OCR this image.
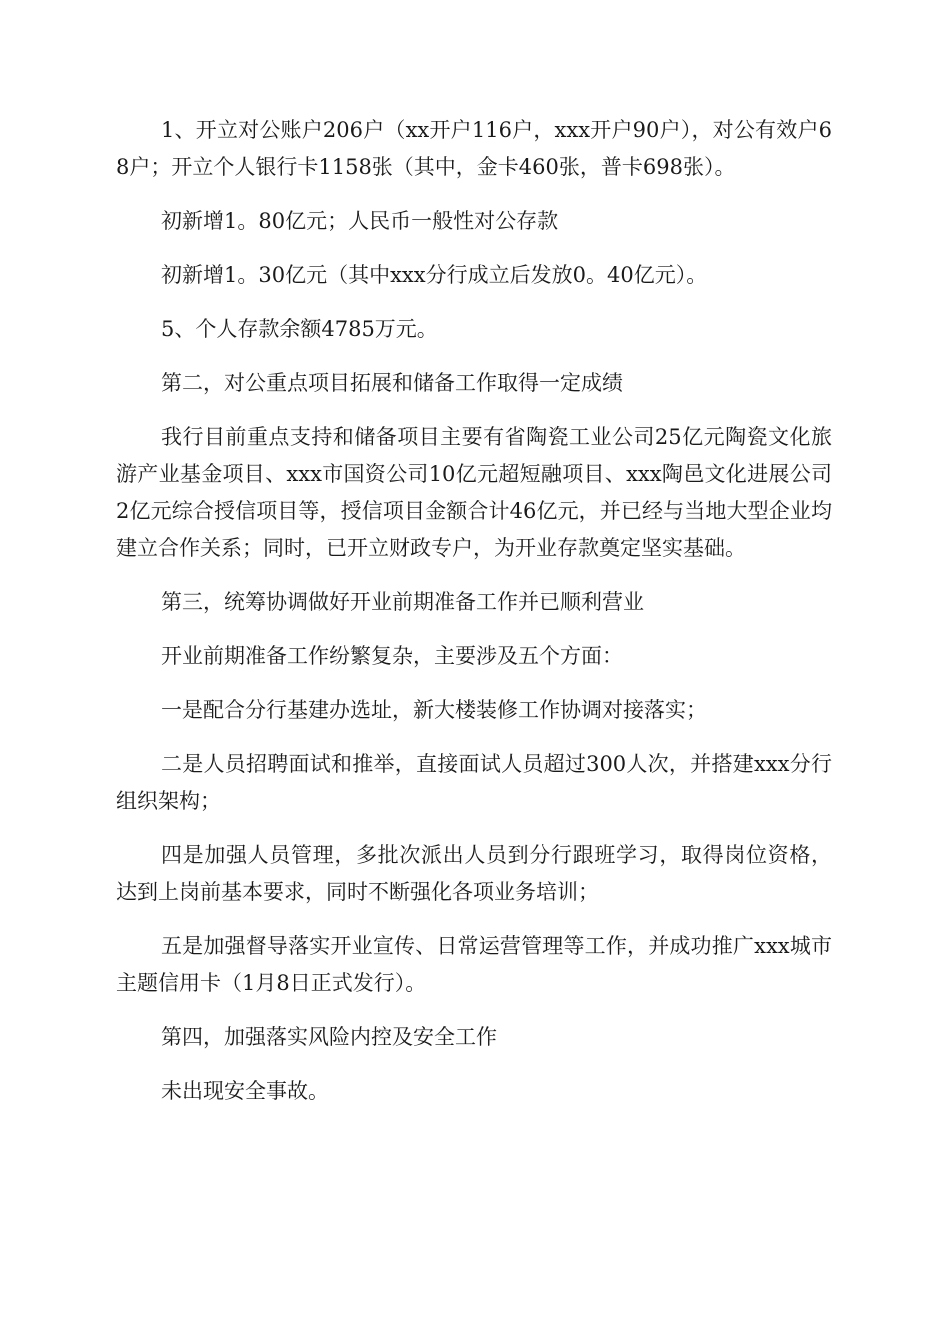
1、开立对公账户206户（xx开户116户，xxx开户90户），对公有效户68户；开立个人银行卡1158张（其中，金卡460张，普卡698张）。

初新增1。80亿元；人民币一般性对公存款

初新增1。30亿元（其中xxx分行成立后发放0。40亿元）。

5、个人存款余额4785万元。

第二，对公重点项目拓展和储备工作取得一定成绩

我行目前重点支持和储备项目主要有省陶瓷工业公司25亿元陶瓷文化旅游产业基金项目、xxx市国资公司10亿元超短融项目、xxx陶邑文化进展公司2亿元综合授信项目等，授信项目金额合计46亿元，并已经与当地大型企业均建立合作关系；同时，已开立财政专户，为开业存款奠定坚实基础。

第三，统筹协调做好开业前期准备工作并已顺利营业

开业前期准备工作纷繁复杂，主要涉及五个方面：

一是配合分行基建办选址，新大楼装修工作协调对接落实；

二是人员招聘面试和推举，直接面试人员超过300人次，并搭建xxx分行组织架构；

四是加强人员管理，多批次派出人员到分行跟班学习，取得岗位资格，达到上岗前基本要求，同时不断强化各项业务培训；

五是加强督导落实开业宣传、日常运营管理等工作，并成功推广xxx城市主题信用卡（1月8日正式发行）。

第四，加强落实风险内控及安全工作

未出现安全事故。
